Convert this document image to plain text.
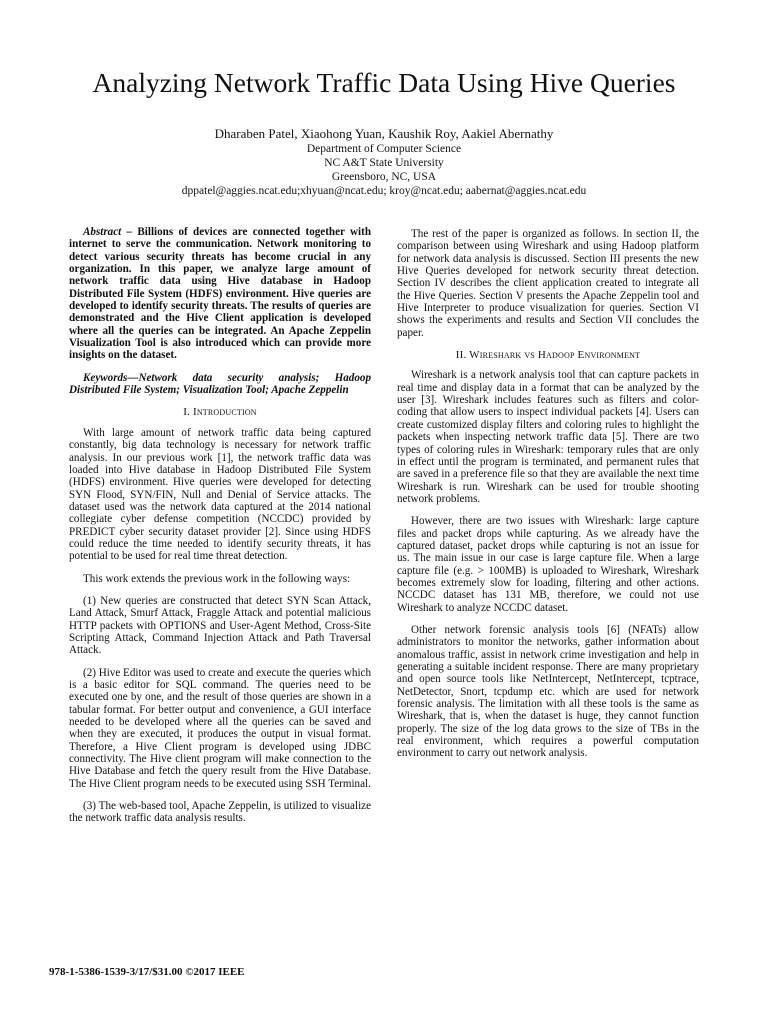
Analyzing Network Traffic Data Using Hive Queries
Dharaben Patel, Xiaohong Yuan, Kaushik Roy, Aakiel Abernathy
Department of Computer Science
NC A&T State University
Greensboro, NC, USA
dppatel@aggies.ncat.edu;xhyuan@ncat.edu; kroy@ncat.edu; aabernat@aggies.ncat.edu

Abstract – Billions of devices are connected together with internet to serve the communication. Network monitoring to detect various security threats has become crucial in any organization. In this paper, we analyze large amount of network traffic data using Hive database in Hadoop Distributed File System (HDFS) environment. Hive queries are developed to identify security threats. The results of queries are demonstrated and the Hive Client application is developed where all the queries can be integrated. An Apache Zeppelin Visualization Tool is also introduced which can provide more insights on the dataset.

Keywords—Network data security analysis; Hadoop Distributed File System; Visualization Tool; Apache Zeppelin

I. Introduction

With large amount of network traffic data being captured constantly, big data technology is necessary for network traffic analysis. In our previous work [1], the network traffic data was loaded into Hive database in Hadoop Distributed File System (HDFS) environment. Hive queries were developed for detecting SYN Flood, SYN/FIN, Null and Denial of Service attacks. The dataset used was the network data captured at the 2014 national collegiate cyber defense competition (NCCDC) provided by PREDICT cyber security dataset provider [2]. Since using HDFS could reduce the time needed to identify security threats, it has potential to be used for real time threat detection.

This work extends the previous work in the following ways:

(1) New queries are constructed that detect SYN Scan Attack, Land Attack, Smurf Attack, Fraggle Attack and potential malicious HTTP packets with OPTIONS and User-Agent Method, Cross-Site Scripting Attack, Command Injection Attack and Path Traversal Attack.

(2) Hive Editor was used to create and execute the queries which is a basic editor for SQL command. The queries need to be executed one by one, and the result of those queries are shown in a tabular format. For better output and convenience, a GUI interface needed to be developed where all the queries can be saved and when they are executed, it produces the output in visual format. Therefore, a Hive Client program is developed using JDBC connectivity. The Hive client program will make connection to the Hive Database and fetch the query result from the Hive Database. The Hive Client program needs to be executed using SSH Terminal.

(3) The web-based tool, Apache Zeppelin, is utilized to visualize the network traffic data analysis results.

The rest of the paper is organized as follows. In section II, the comparison between using Wireshark and using Hadoop platform for network data analysis is discussed. Section III presents the new Hive Queries developed for network security threat detection. Section IV describes the client application created to integrate all the Hive Queries. Section V presents the Apache Zeppelin tool and Hive Interpreter to produce visualization for queries. Section VI shows the experiments and results and Section VII concludes the paper.

II. Wireshark vs Hadoop Environment

Wireshark is a network analysis tool that can capture packets in real time and display data in a format that can be analyzed by the user [3]. Wireshark includes features such as filters and color-coding that allow users to inspect individual packets [4]. Users can create customized display filters and coloring rules to highlight the packets when inspecting network traffic data [5]. There are two types of coloring rules in Wireshark: temporary rules that are only in effect until the program is terminated, and permanent rules that are saved in a preference file so that they are available the next time Wireshark is run. Wireshark can be used for trouble shooting network problems.

However, there are two issues with Wireshark: large capture files and packet drops while capturing. As we already have the captured dataset, packet drops while capturing is not an issue for us. The main issue in our case is large capture file. When a large capture file (e.g. > 100MB) is uploaded to Wireshark, Wireshark becomes extremely slow for loading, filtering and other actions. NCCDC dataset has 131 MB, therefore, we could not use Wireshark to analyze NCCDC dataset.

Other network forensic analysis tools [6] (NFATs) allow administrators to monitor the networks, gather information about anomalous traffic, assist in network crime investigation and help in generating a suitable incident response. There are many proprietary and open source tools like NetIntercept, NetIntercept, tcptrace, NetDetector, Snort, tcpdump etc. which are used for network forensic analysis. The limitation with all these tools is the same as Wireshark, that is, when the dataset is huge, they cannot function properly. The size of the log data grows to the size of TBs in the real environment, which requires a powerful computation environment to carry out network analysis.

978-1-5386-1539-3/17/$31.00 ©2017 IEEE
